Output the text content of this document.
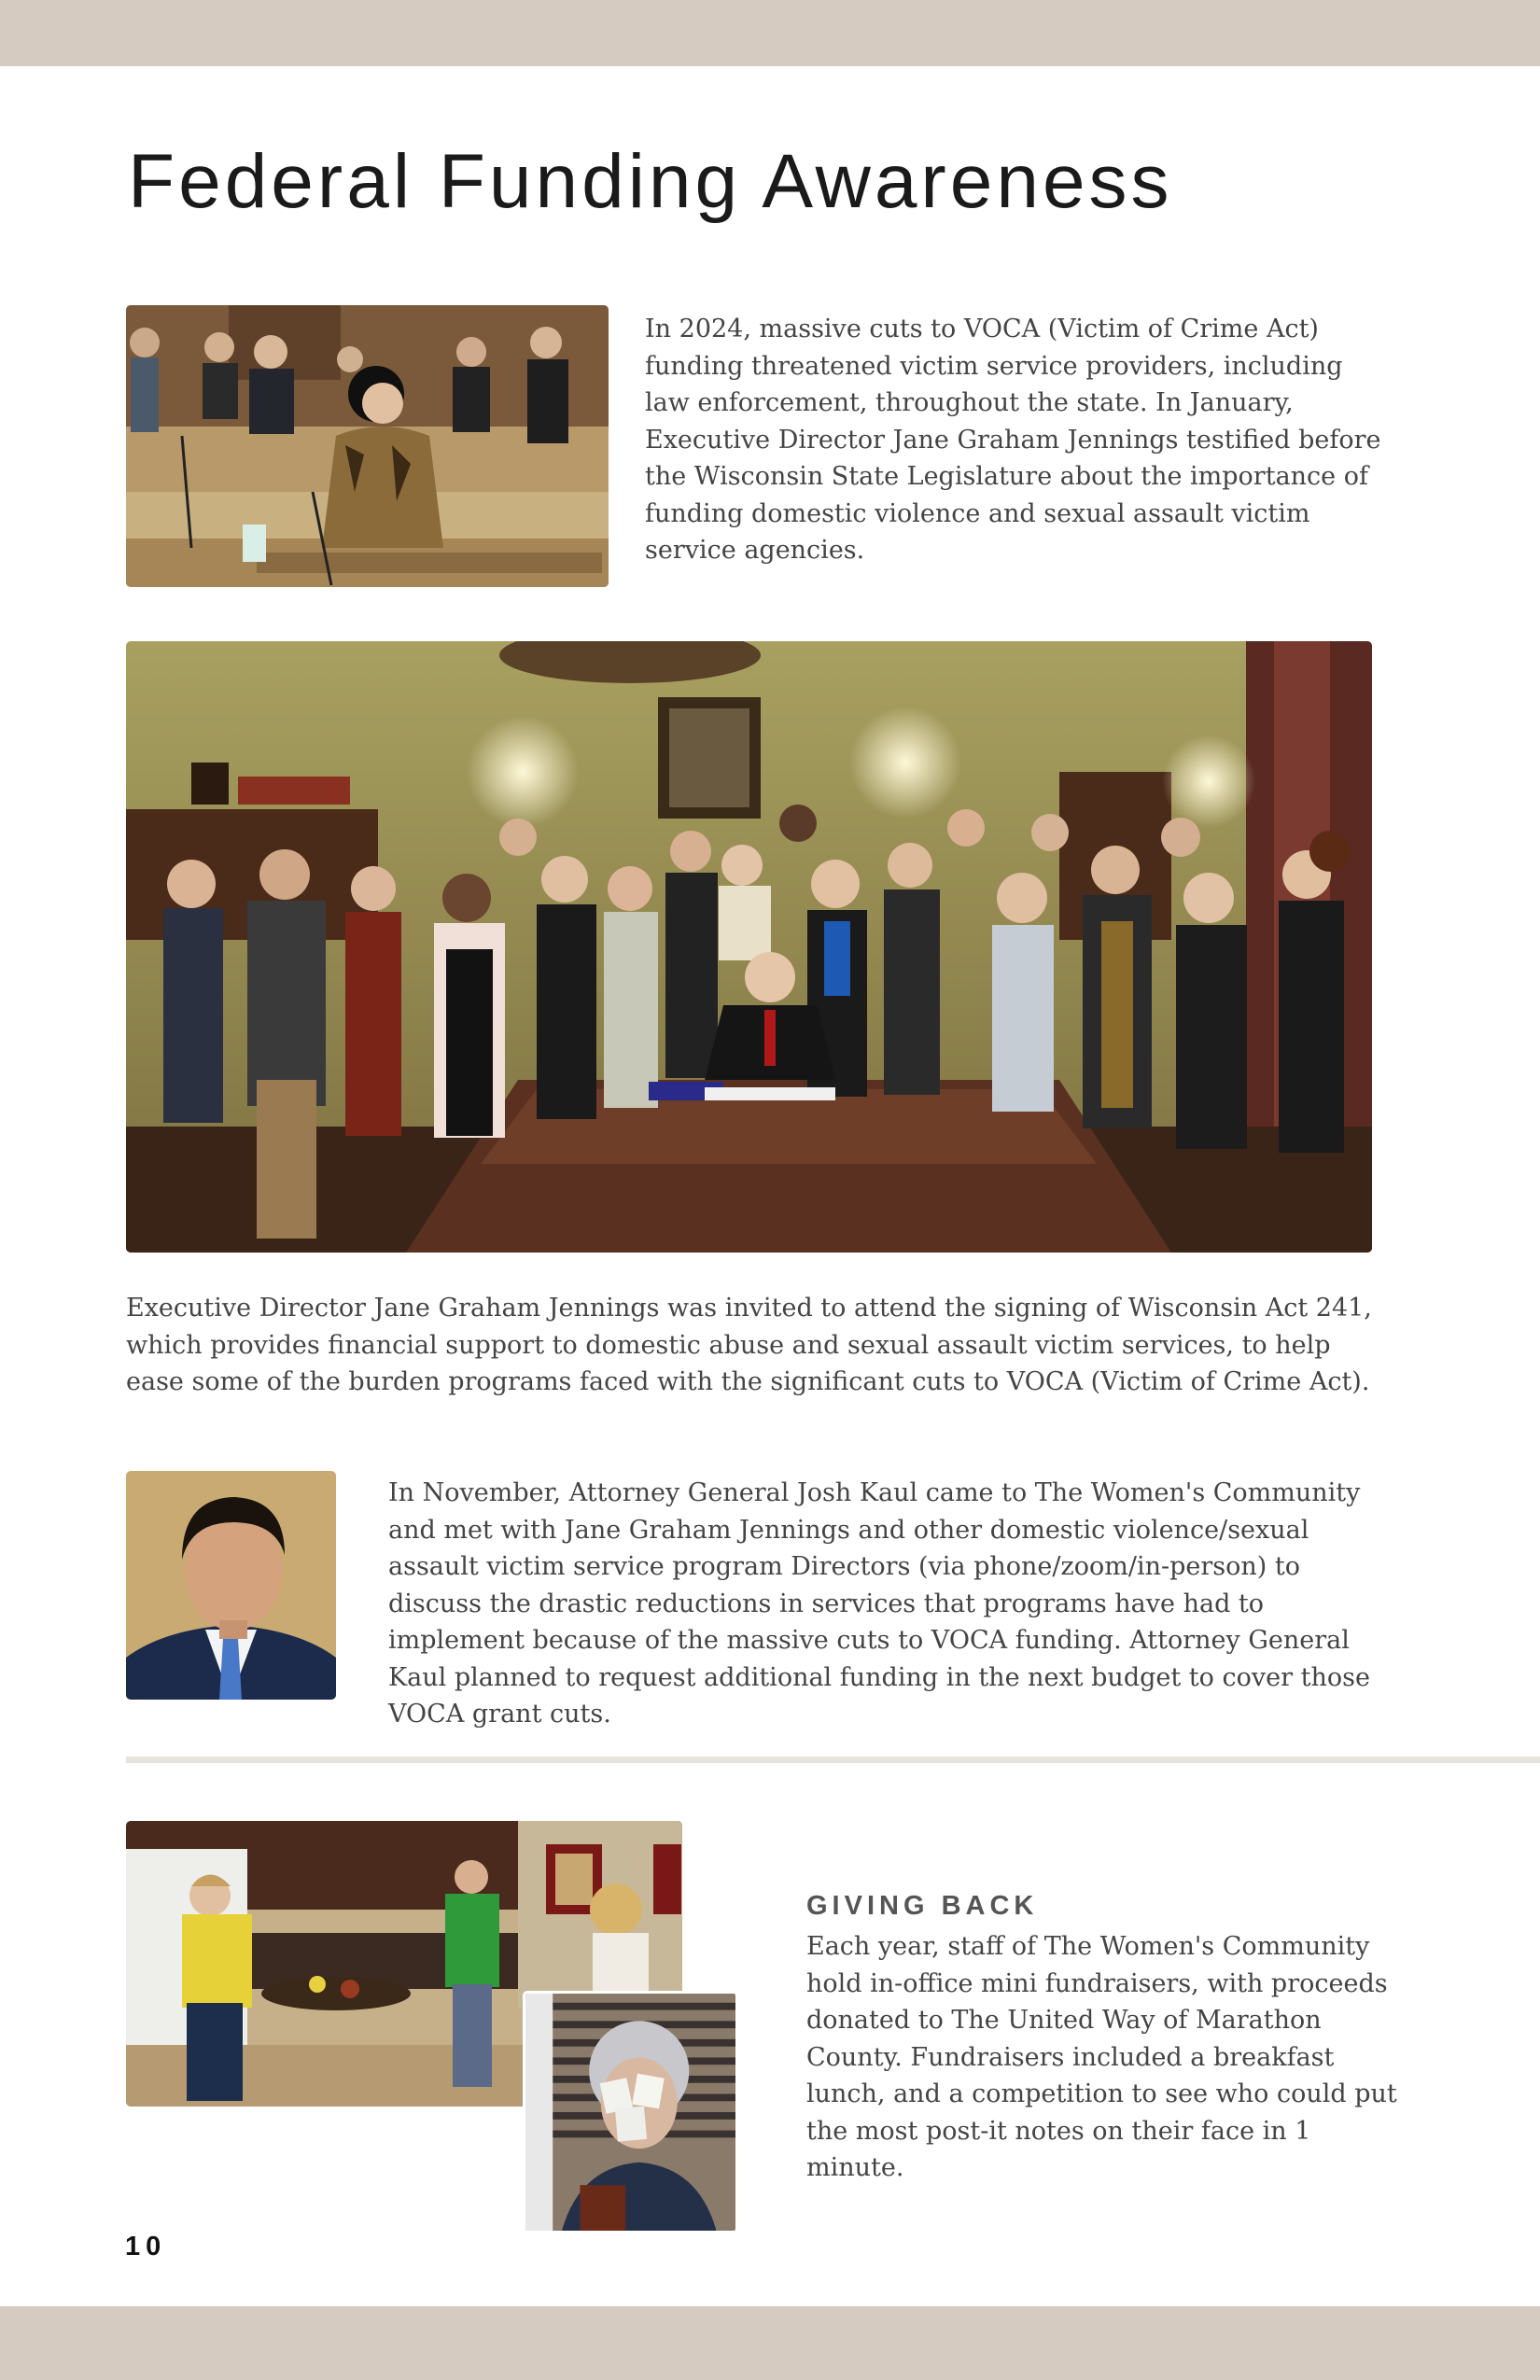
Federal Funding Awareness

In 2024, massive cuts to VOCA (Victim of Crime Act) funding threatened victim service providers, including law enforcement, throughout the state. In January, Executive Director Jane Graham Jennings testified before the Wisconsin State Legislature about the importance of funding domestic violence and sexual assault victim service agencies.

Executive Director Jane Graham Jennings was invited to attend the signing of Wisconsin Act 241, which provides financial support to domestic abuse and sexual assault victim services, to help ease some of the burden programs faced with the significant cuts to VOCA (Victim of Crime Act).

In November, Attorney General Josh Kaul came to The Women's Community and met with Jane Graham Jennings and other domestic violence/sexual assault victim service program Directors (via phone/zoom/in-person) to discuss the drastic reductions in services that programs have had to implement because of the massive cuts to VOCA funding. Attorney General Kaul planned to request additional funding in the next budget to cover those VOCA grant cuts.

GIVING BACK

Each year, staff of The Women's Community hold in-office mini fundraisers, with proceeds donated to The United Way of Marathon County. Fundraisers included a breakfast lunch, and a competition to see who could put the most post-it notes on their face in 1 minute.

10
